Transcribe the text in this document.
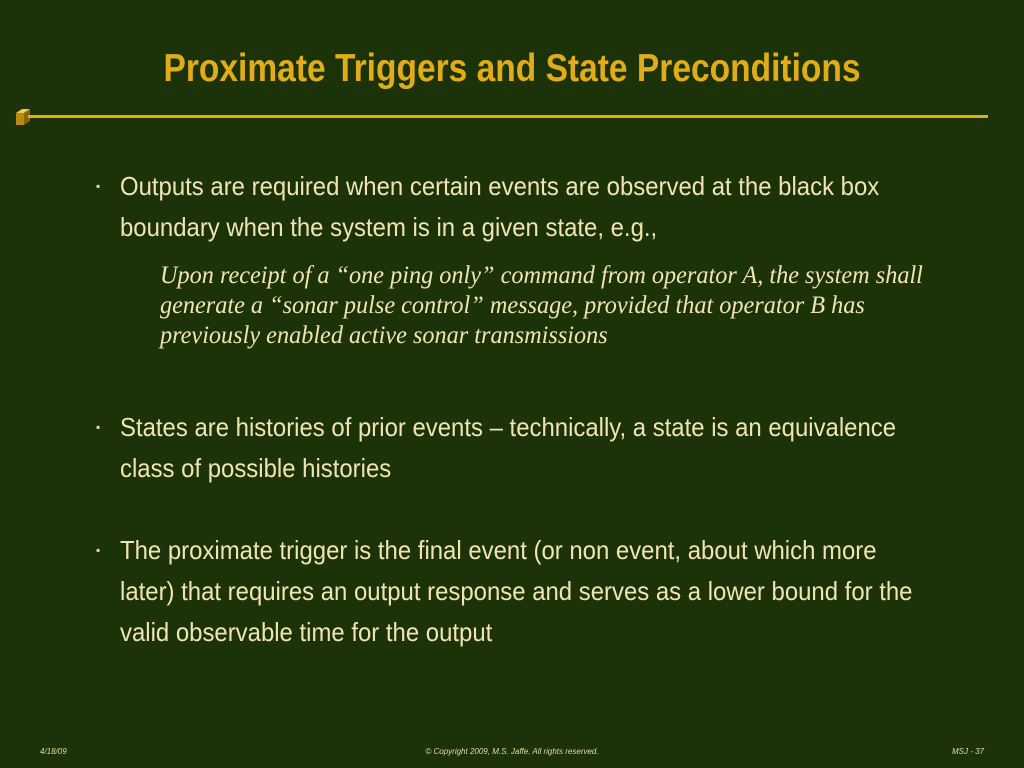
Proximate Triggers and State Preconditions
▪ Outputs are required when certain events are observed at the black box boundary when the system is in a given state, e.g.,
Upon receipt of a “one ping only” command from operator A, the system shall generate a “sonar pulse control” message, provided that operator B has previously enabled active sonar transmissions
▪ States are histories of prior events – technically, a state is an equivalence class of possible histories
▪ The proximate trigger is the final event (or non event, about which more later) that requires an output response and serves as a lower bound for the valid observable time for the output
4/18/09	© Copyright 2009, M.S. Jaffe. All rights reserved.	MSJ - 37
